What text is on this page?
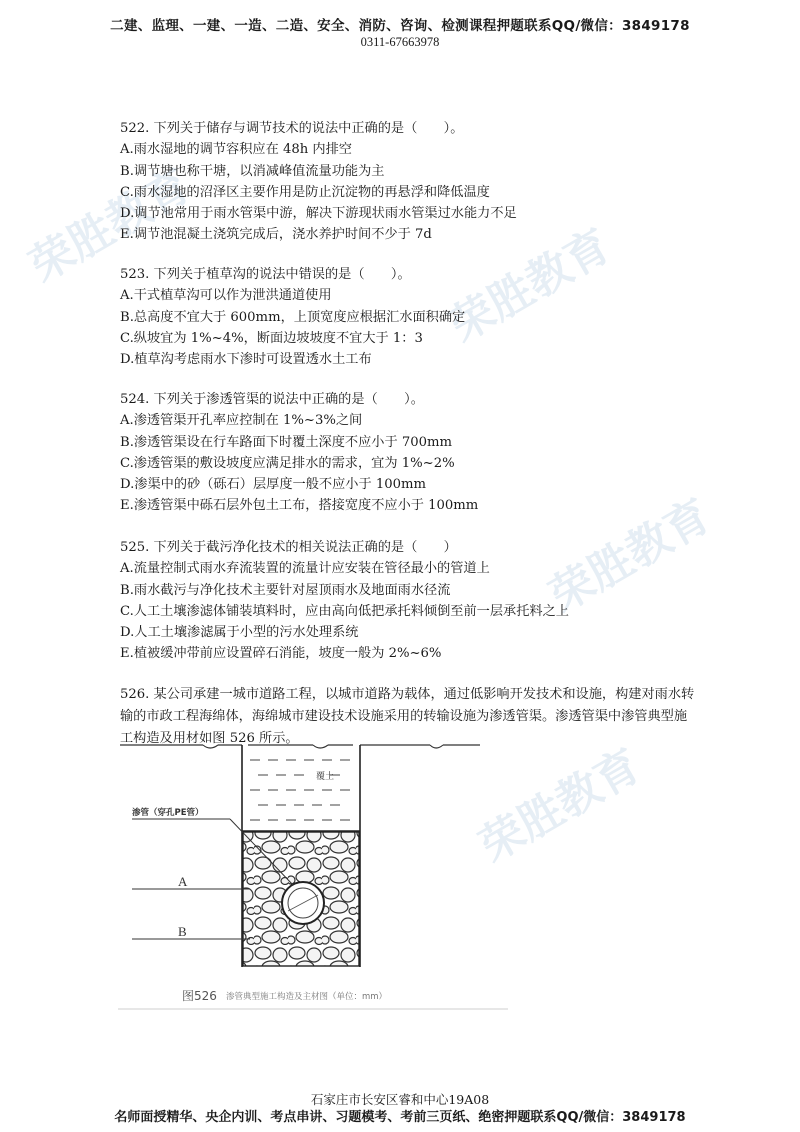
荣胜教育
荣胜教育
荣胜教育
荣胜教育
二建、监理、一建、一造、二造、安全、消防、咨询、检测课程押题联系QQ/微信：3849178
0311-67663978
522. 下列关于储存与调节技术的说法中正确的是（　　）。
A.雨水湿地的调节容积应在 48h 内排空
B.调节塘也称干塘，以消减峰值流量功能为主
C.雨水湿地的沼泽区主要作用是防止沉淀物的再悬浮和降低温度
D.调节池常用于雨水管渠中游，解决下游现状雨水管渠过水能力不足
E.调节池混凝土浇筑完成后，浇水养护时间不少于 7d
523. 下列关于植草沟的说法中错误的是（　　）。
A.干式植草沟可以作为泄洪通道使用
B.总高度不宜大于 600mm，上顶宽度应根据汇水面积确定
C.纵坡宜为 1%~4%，断面边坡坡度不宜大于 1：3
D.植草沟考虑雨水下渗时可设置透水土工布
524. 下列关于渗透管渠的说法中正确的是（　　）。
A.渗透管渠开孔率应控制在 1%~3%之间
B.渗透管渠设在行车路面下时覆土深度不应小于 700mm
C.渗透管渠的敷设坡度应满足排水的需求，宜为 1%~2%
D.渗渠中的砂（砾石）层厚度一般不应小于 100mm
E.渗透管渠中砾石层外包土工布，搭接宽度不应小于 100mm
525. 下列关于截污净化技术的相关说法正确的是（　　）
A.流量控制式雨水弃流装置的流量计应安装在管径最小的管道上
B.雨水截污与净化技术主要针对屋顶雨水及地面雨水径流
C.人工土壤渗滤体铺装填料时，应由高向低把承托料倾倒至前一层承托料之上
D.人工土壤渗滤属于小型的污水处理系统
E.植被缓冲带前应设置碎石消能，坡度一般为 2%~6%
526. 某公司承建一城市道路工程，以城市道路为载体，通过低影响开发技术和设施，构建对雨水转输的市政工程海绵体，海绵城市建设技术设施采用的转输设施为渗透管渠。渗透管渠中渗管典型施工构造及用材如图 526 所示。
覆土
渗管（穿孔PE管）
A
B
图526 渗管典型施工构造及主材图（单位：mm）
石家庄市长安区睿和中心19A08
名师面授精华、央企内训、考点串讲、习题模考、考前三页纸、绝密押题联系QQ/微信：3849178
